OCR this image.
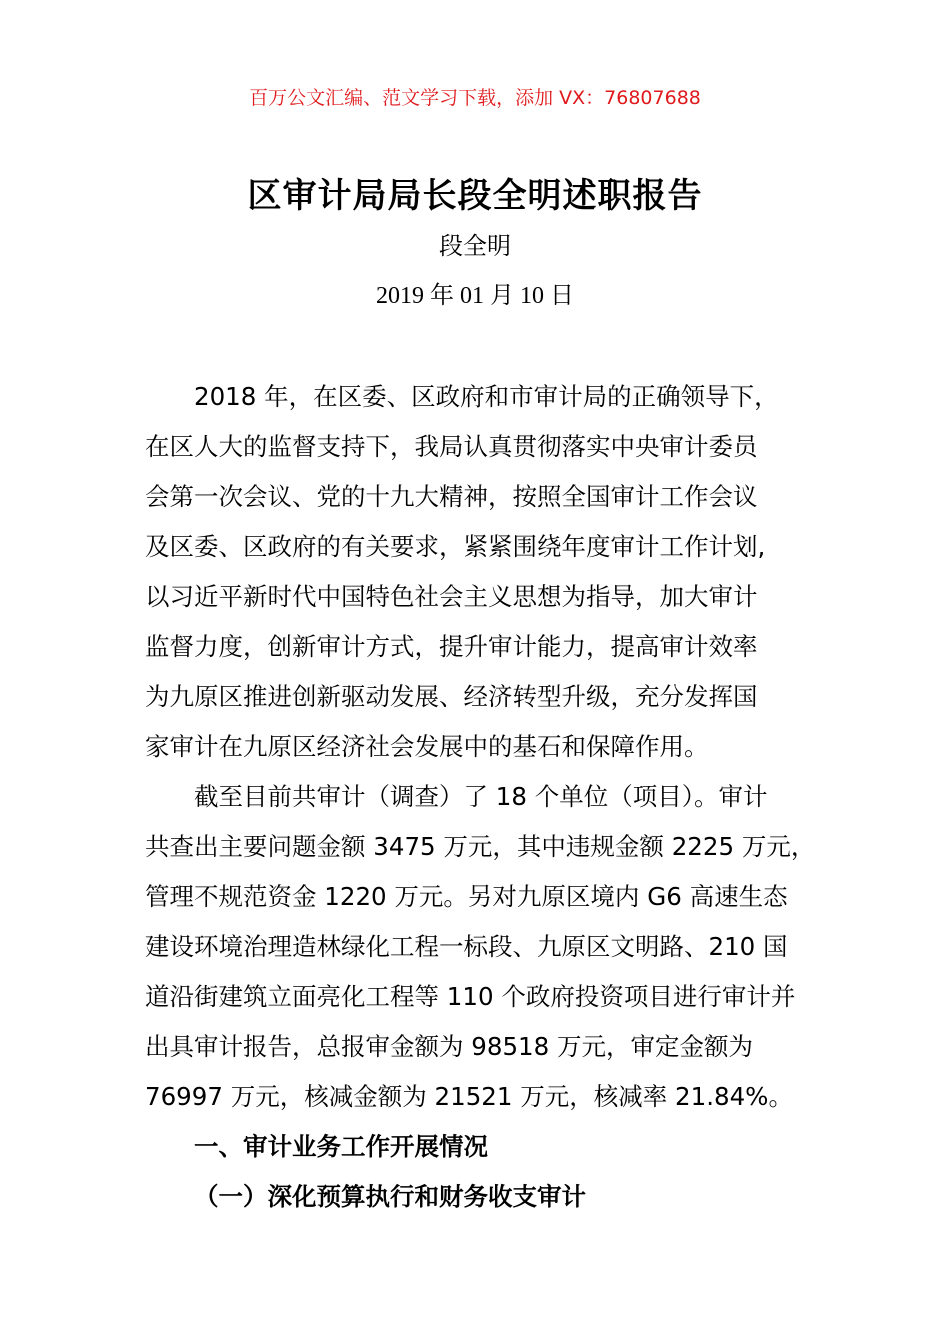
百万公文汇编、范文学习下载，添加 VX：76807688
区审计局局长段全明述职报告
段全明
2019 年 01 月 10 日
2018 年，在区委、区政府和市审计局的正确领导下，
在区人大的监督支持下，我局认真贯彻落实中央审计委员
会第一次会议、党的十九大精神，按照全国审计工作会议
及区委、区政府的有关要求，紧紧围绕年度审计工作计划,
以习近平新时代中国特色社会主义思想为指导，加大审计
监督力度，创新审计方式，提升审计能力，提高审计效率
为九原区推进创新驱动发展、经济转型升级，充分发挥国
家审计在九原区经济社会发展中的基石和保障作用。
截至目前共审计（调查）了 18 个单位（项目）。审计
共查出主要问题金额 3475 万元，其中违规金额 2225 万元，
管理不规范资金 1220 万元。另对九原区境内 G6 高速生态
建设环境治理造林绿化工程一标段、九原区文明路、210 国
道沿街建筑立面亮化工程等 110 个政府投资项目进行审计并
出具审计报告，总报审金额为 98518 万元，审定金额为
76997 万元，核减金额为 21521 万元，核减率 21.84%。

一、审计业务工作开展情况

（一）深化预算执行和财务收支审计
